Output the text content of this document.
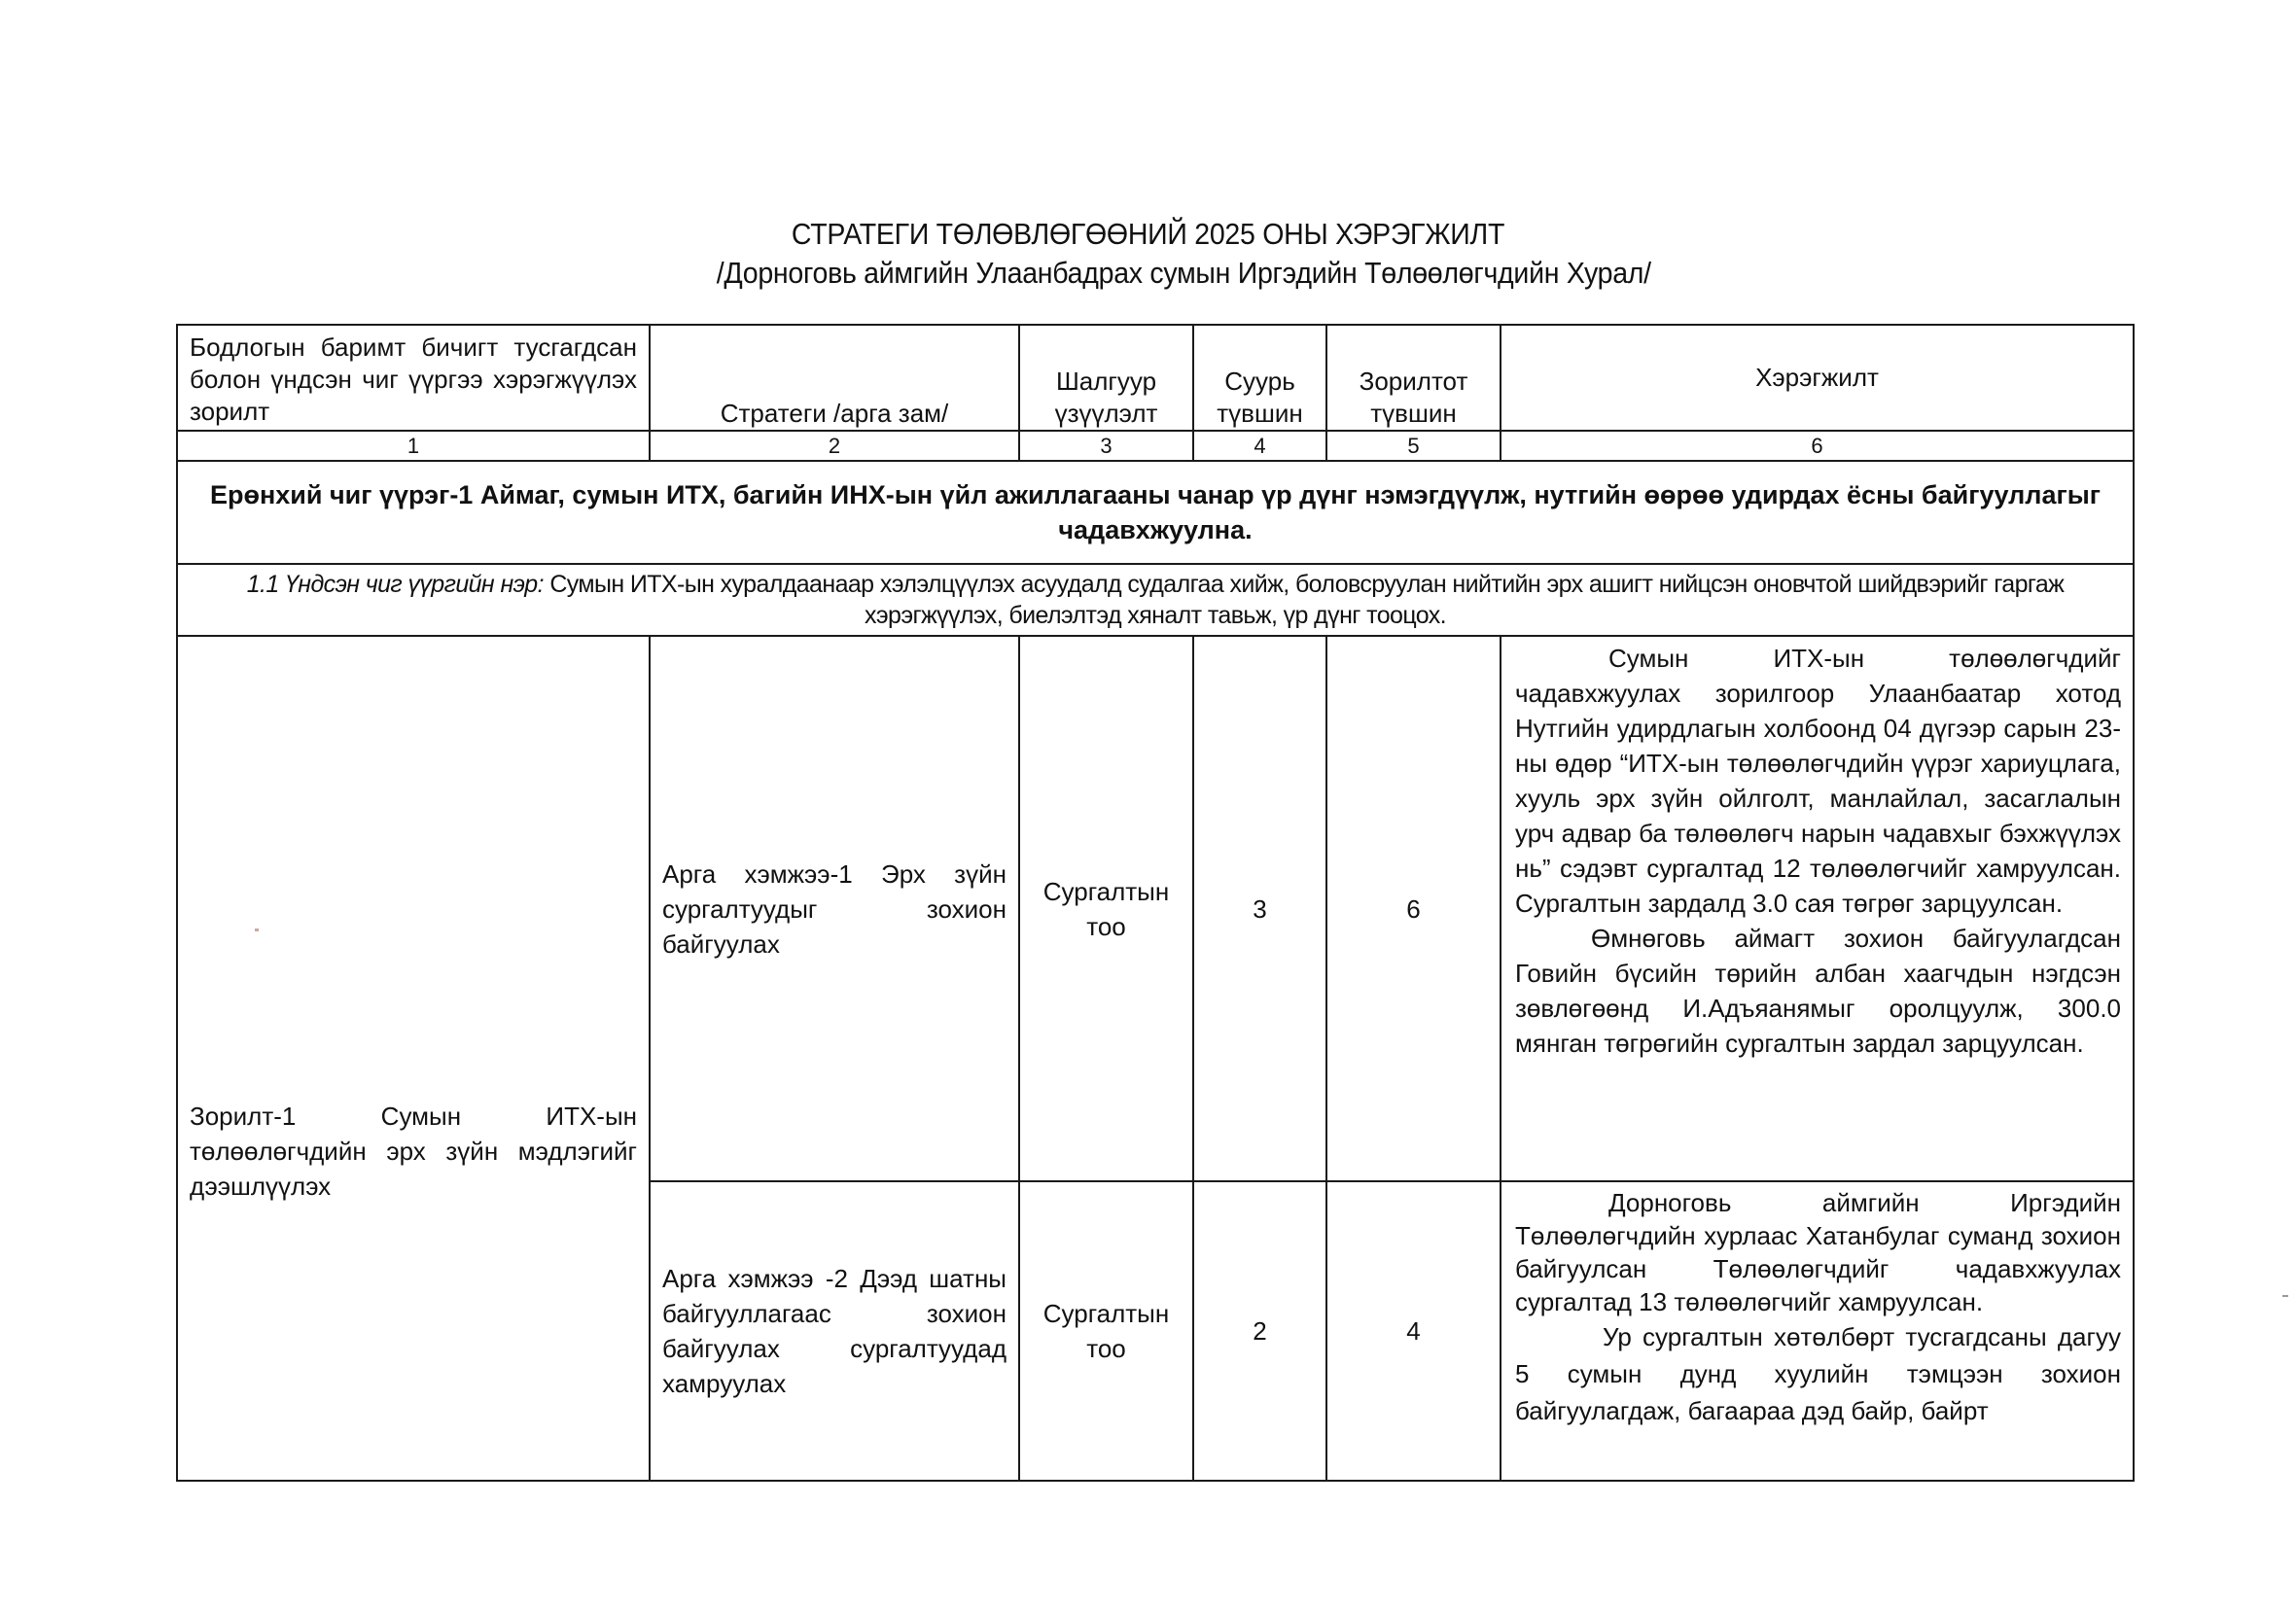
СТРАТЕГИ ТӨЛӨВЛӨГӨӨНИЙ 2025 ОНЫ ХЭРЭГЖИЛТ
/Дорноговь аймгийн Улаанбадрах сумын Иргэдийн Төлөөлөгчдийн Хурал/
Бодлогын баримт бичигт тусгагдсан болон үндсэн чиг үүргээ хэрэгжүүлэх зорилт	Стратеги /арга зам/	Шалгуур үзүүлэлт	Суурь түвшин	Зорилтот түвшин	Хэрэгжилт
1	2	3	4	5	6
Ерөнхий чиг үүрэг-1 Аймаг, сумын ИТХ, багийн ИНХ-ын үйл ажиллагааны чанар үр дүнг нэмэгдүүлж, нутгийн өөрөө удирдах ёсны байгууллагыг чадавхжуулна.					
1.1 Үндсэн чиг үүргийн нэр: Сумын ИТХ-ын хуралдаанаар хэлэлцүүлэх асуудалд судалгаа хийж, боловсруулан нийтийн эрх ашигт нийцсэн оновчтой шийдвэрийг гаргаж хэрэгжүүлэх, биелэлтэд хяналт тавьж, үр дүнг тооцох.					
Зорилт-1 Сумын ИТХ-ын төлөөлөгчдийн эрх зүйн мэдлэгийг дээшлүүлэх	Арга хэмжээ-1 Эрх зүйн сургалтуудыг зохион байгуулах	Сургалтын тоо	3	6	Сумын ИТХ-ын төлөөлөгчдийг чадавхжуулах зорилгоор Улаанбаатар хотод Нутгийн удирдлагын холбоонд 04 дүгээр сарын 23-ны өдөр “ИТХ-ын төлөөлөгчдийн үүрэг хариуцлага, хууль эрх зүйн ойлголт, манлайлал, засаглалын урч адвар ба төлөөлөгч нарын чадавхыг бэхжүүлэх нь” сэдэвт сургалтад 12 төлөөлөгчийг хамруулсан. Сургалтын зардалд 3.0 сая төгрөг зарцуулсан.

Өмнөговь аймагт зохион байгуулагдсан Говийн бүсийн төрийн албан хаагчдын нэгдсэн зөвлөгөөнд И.Адъяанямыг оролцуулж, 300.0 мянган төгрөгийн сургалтын зардал зарцуулсан.

	Арга хэмжээ -2 Дээд шатны байгууллагаас зохион байгуулах сургалтуудад хамруулах	Сургалтын тоо	2	4	Дорноговь аймгийн Иргэдийн Төлөөлөгчдийн хурлаас Хатанбулаг суманд зохион байгуулсан Төлөөлөгчдийг чадавхжуулах сургалтад 13 төлөөлөгчийг хамруулсан.

Ур сургалтын хөтөлбөрт тусгагдсаны дагуу 5 сумын дунд хуулийн тэмцээн зохион байгуулагдаж, багаараа дэд байр, байрт
